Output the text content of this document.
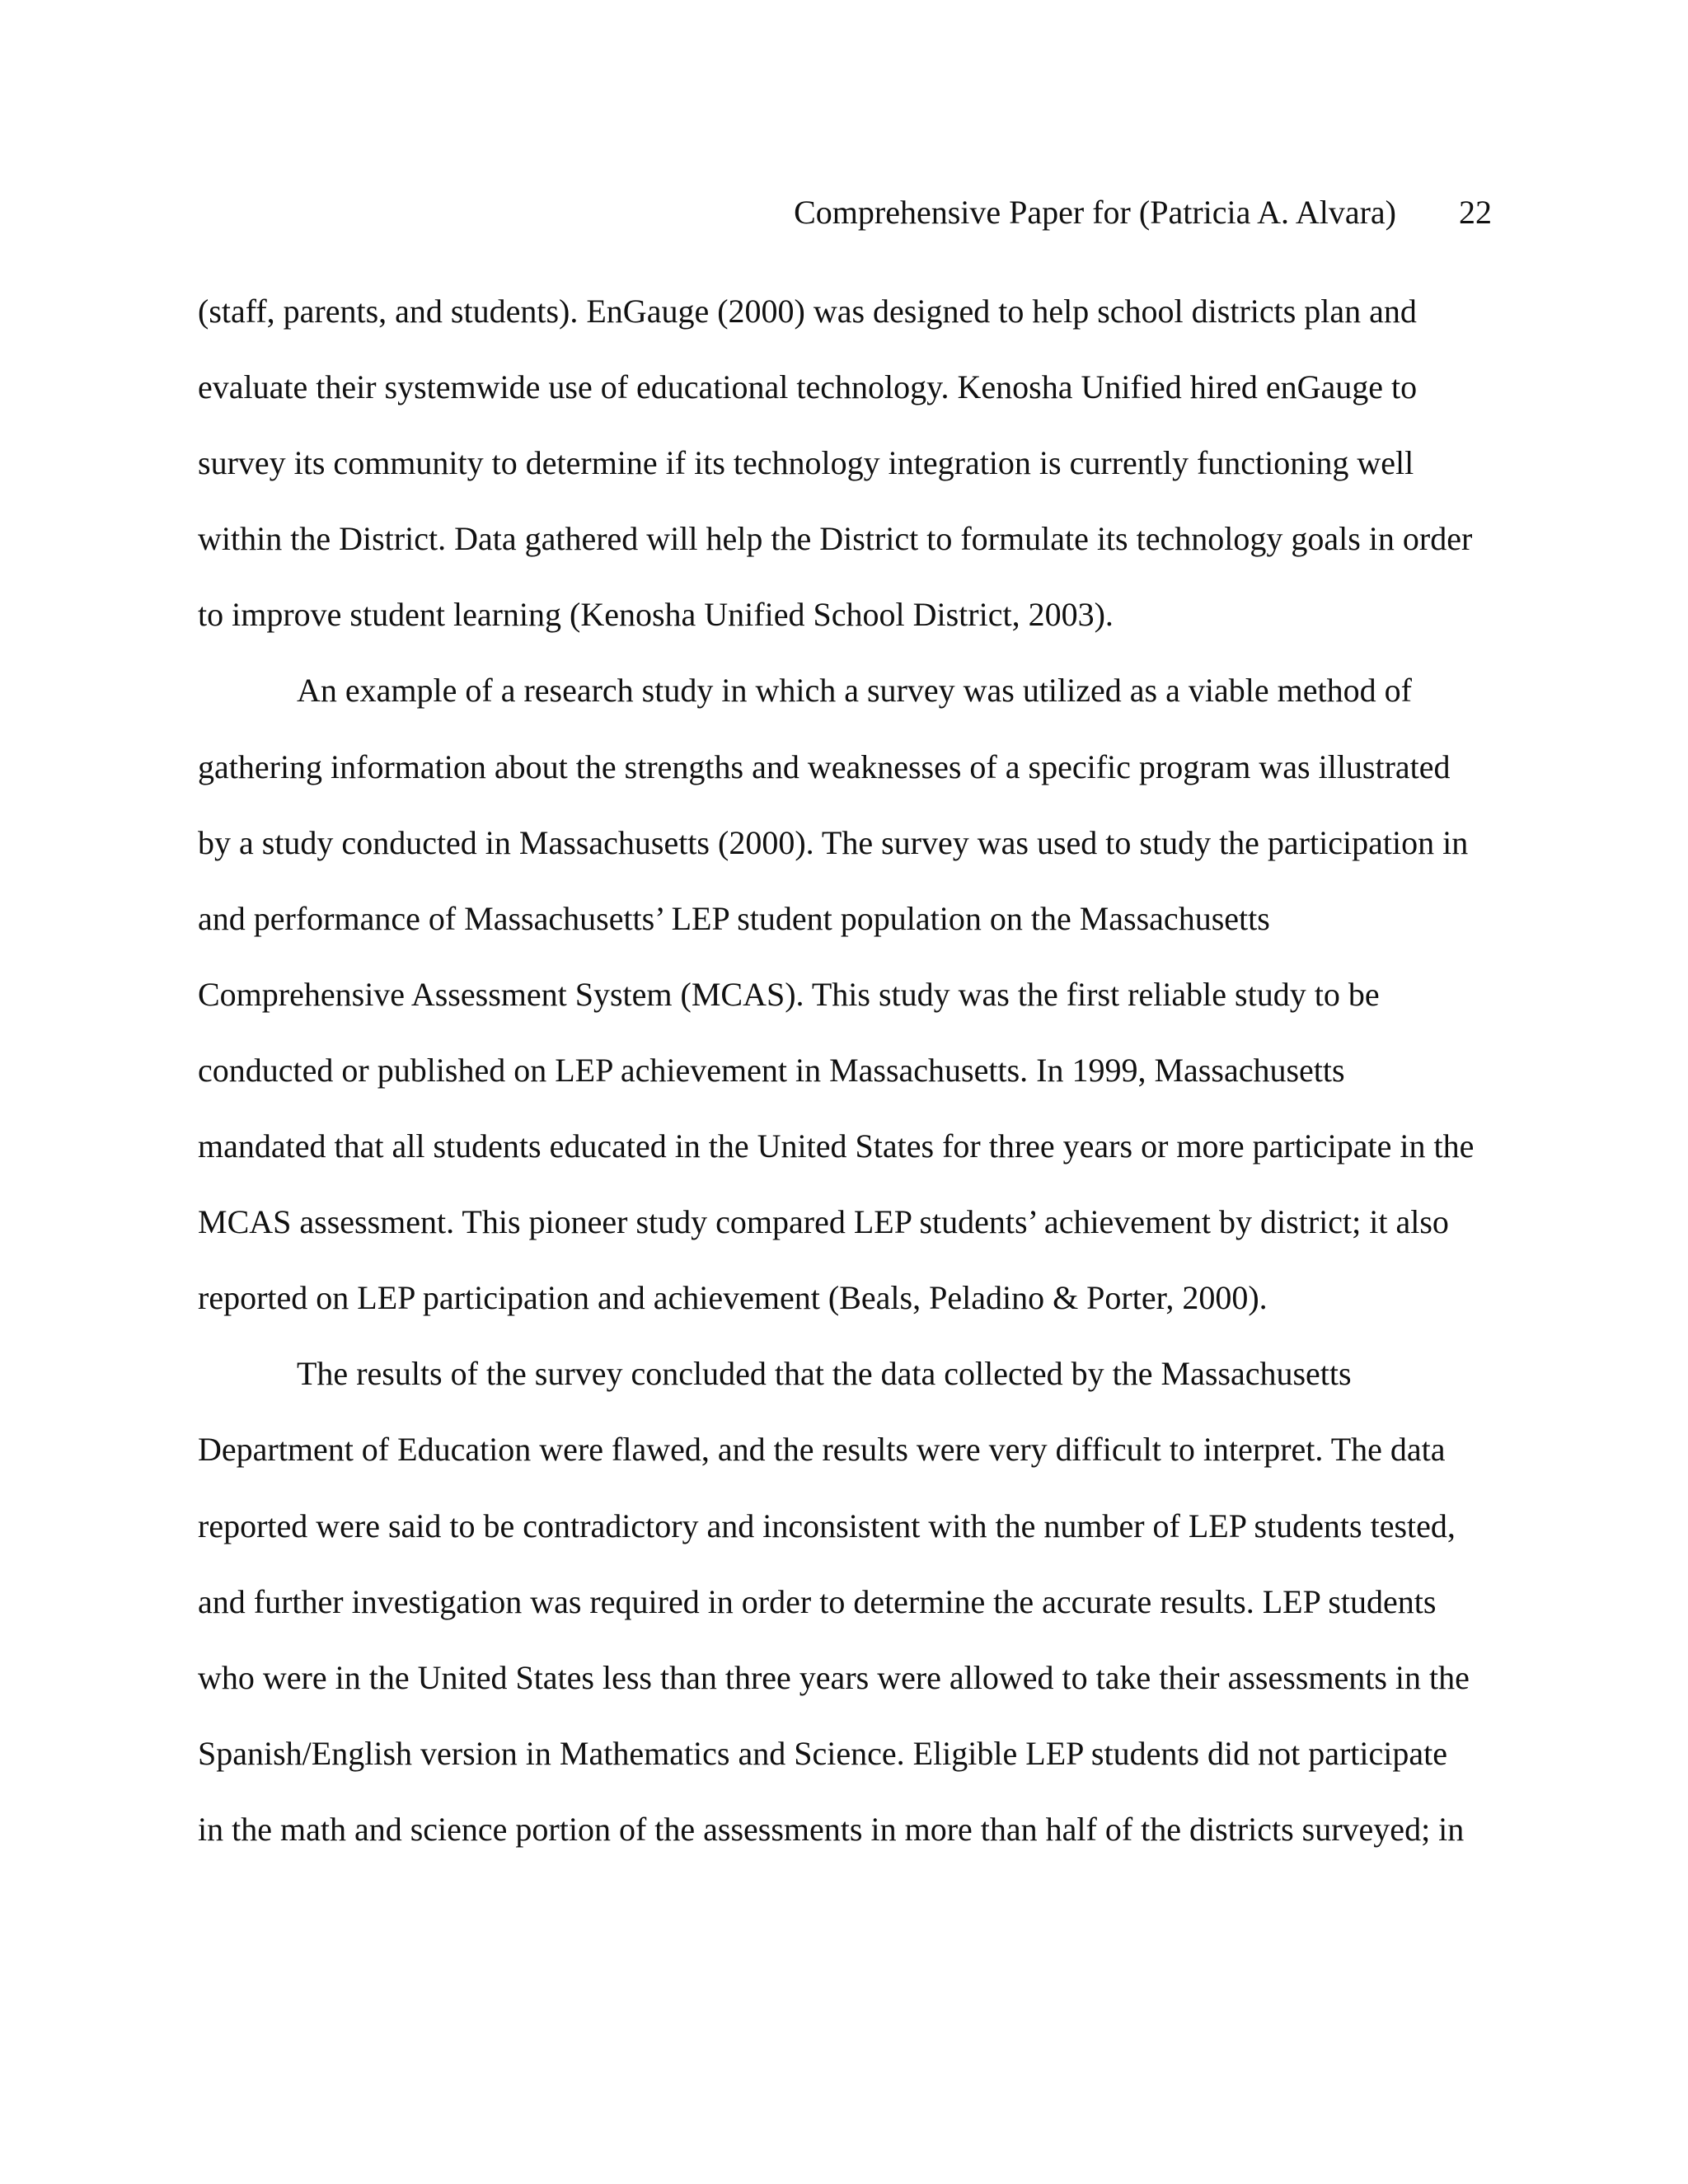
Comprehensive Paper for (Patricia A. Alvara) 22
(staff, parents, and students). EnGauge (2000) was designed to help school districts plan and
evaluate their systemwide use of educational technology. Kenosha Unified hired enGauge to
survey its community to determine if its technology integration is currently functioning well
within the District. Data gathered will help the District to formulate its technology goals in order
to improve student learning (Kenosha Unified School District, 2003).
An example of a research study in which a survey was utilized as a viable method of
gathering information about the strengths and weaknesses of a specific program was illustrated
by a study conducted in Massachusetts (2000). The survey was used to study the participation in
and performance of Massachusetts’ LEP student population on the Massachusetts
Comprehensive Assessment System (MCAS). This study was the first reliable study to be
conducted or published on LEP achievement in Massachusetts. In 1999, Massachusetts
mandated that all students educated in the United States for three years or more participate in the
MCAS assessment. This pioneer study compared LEP students’ achievement by district; it also
reported on LEP participation and achievement (Beals, Peladino & Porter, 2000).
The results of the survey concluded that the data collected by the Massachusetts
Department of Education were flawed, and the results were very difficult to interpret. The data
reported were said to be contradictory and inconsistent with the number of LEP students tested,
and further investigation was required in order to determine the accurate results. LEP students
who were in the United States less than three years were allowed to take their assessments in the
Spanish/English version in Mathematics and Science. Eligible LEP students did not participate
in the math and science portion of the assessments in more than half of the districts surveyed; in
